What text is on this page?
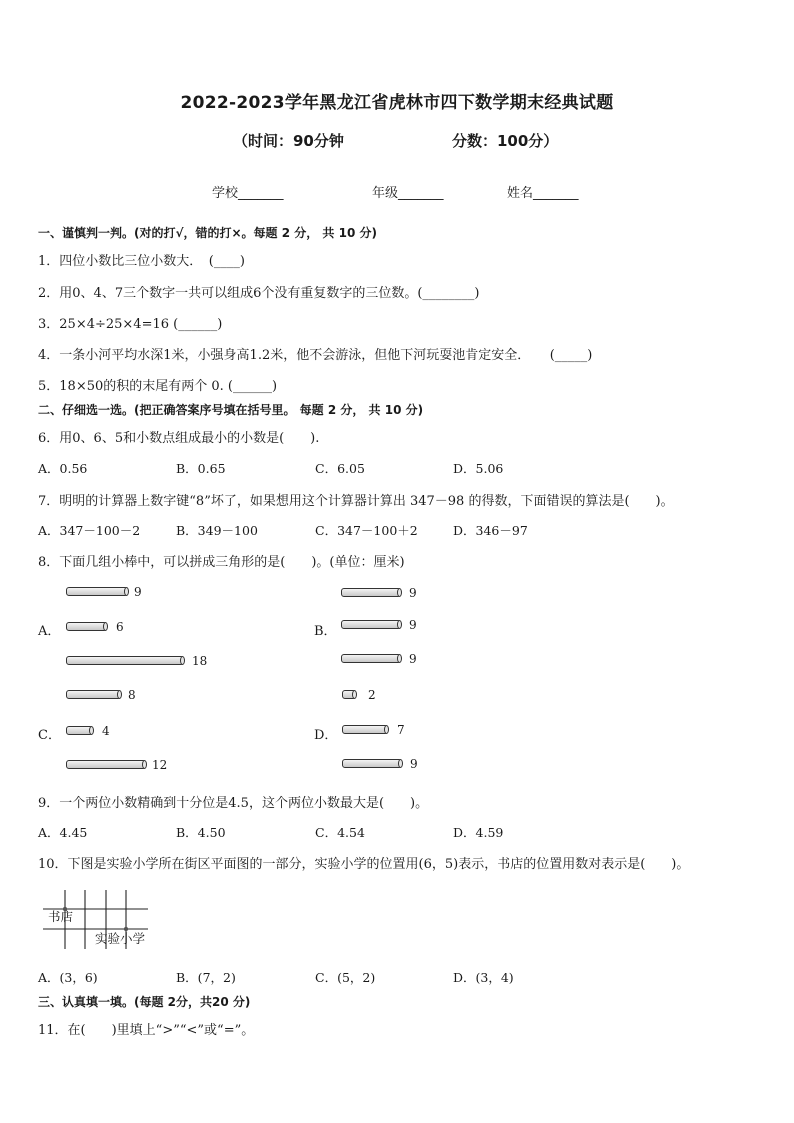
2022-2023学年黑龙江省虎林市四下数学期末经典试题
（时间：90分钟	分数：100分）
学校_______	年级_______	姓名_______
一、谨慎判一判。(对的打√，错的打×。每题 2 分， 共 10 分)
1．四位小数比三位小数大．　(____)
2．用0、4、7三个数字一共可以组成6个没有重复数字的三位数。(________)
3．25×4÷25×4=16 (______)
4．一条小河平均水深1米，小强身高1.2米，他不会游泳，但他下河玩耍池肯定安全．　　(_____)
5．18×50的积的末尾有两个 0. (______)
二、仔细选一选。(把正确答案序号填在括号里。 每题 2 分， 共 10 分)
6．用0、6、5和小数点组成最小的小数是(　　).
A．0.56	B．0.65	C．6.05	D．5.06
7．明明的计算器上数字键“8”坏了，如果想用这个计算器计算出 347－98 的得数，下面错误的算法是(　　)。
A．347－100－2	B．349－100	C．347－100＋2	D．346－97
8．下面几组小棒中，可以拼成三角形的是(　　)。(单位：厘米)
A．
9
6
18
B．
9
9
9
C．
8
4
12
D．
2
7
9
9．一个两位小数精确到十分位是4.5，这个两位小数最大是(　　)。
A．4.45	B．4.50	C．4.54	D．4.59
10．下图是实验小学所在街区平面图的一部分，实验小学的位置用(6，5)表示，书店的位置用数对表示是(　　)。
书店
实验小学
A．(3，6)	B．(7，2)	C．(5，2)	D．(3，4)
三、认真填一填。(每题 2分，共20 分)
11．在(　　)里填上“>”“<”或“=”。
